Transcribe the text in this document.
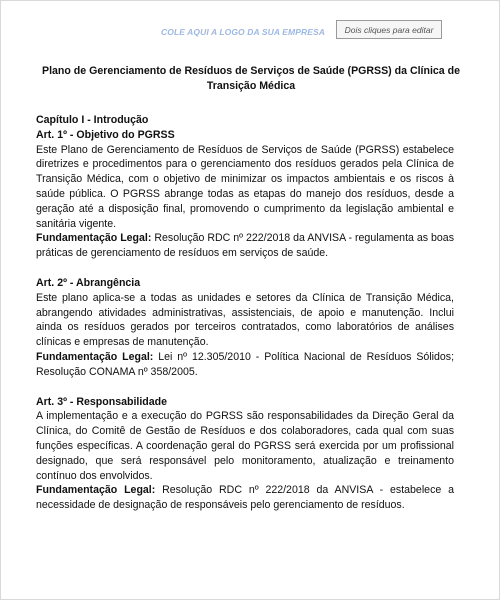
COLE AQUI A LOGO DA SUA EMPRESA	Dois cliques para editar
Plano de Gerenciamento de Resíduos de Serviços de Saúde (PGRSS) da Clínica de Transição Médica

Capítulo I - Introdução

Art. 1º - Objetivo do PGRSS

Este Plano de Gerenciamento de Resíduos de Serviços de Saúde (PGRSS) estabelece diretrizes e procedimentos para o gerenciamento dos resíduos gerados pela Clínica de Transição Médica, com o objetivo de minimizar os impactos ambientais e os riscos à saúde pública. O PGRSS abrange todas as etapas do manejo dos resíduos, desde a geração até a disposição final, promovendo o cumprimento da legislação ambiental e sanitária vigente.

Fundamentação Legal: Resolução RDC nº 222/2018 da ANVISA - regulamenta as boas práticas de gerenciamento de resíduos em serviços de saúde.

Art. 2º - Abrangência

Este plano aplica-se a todas as unidades e setores da Clínica de Transição Médica, abrangendo atividades administrativas, assistenciais, de apoio e manutenção. Inclui ainda os resíduos gerados por terceiros contratados, como laboratórios de análises clínicas e empresas de manutenção.

Fundamentação Legal: Lei nº 12.305/2010 - Política Nacional de Resíduos Sólidos; Resolução CONAMA nº 358/2005.

Art. 3º - Responsabilidade

A implementação e a execução do PGRSS são responsabilidades da Direção Geral da Clínica, do Comitê de Gestão de Resíduos e dos colaboradores, cada qual com suas funções específicas. A coordenação geral do PGRSS será exercida por um profissional designado, que será responsável pelo monitoramento, atualização e treinamento contínuo dos envolvidos.

Fundamentação Legal: Resolução RDC nº 222/2018 da ANVISA - estabelece a necessidade de designação de responsáveis pelo gerenciamento de resíduos.
